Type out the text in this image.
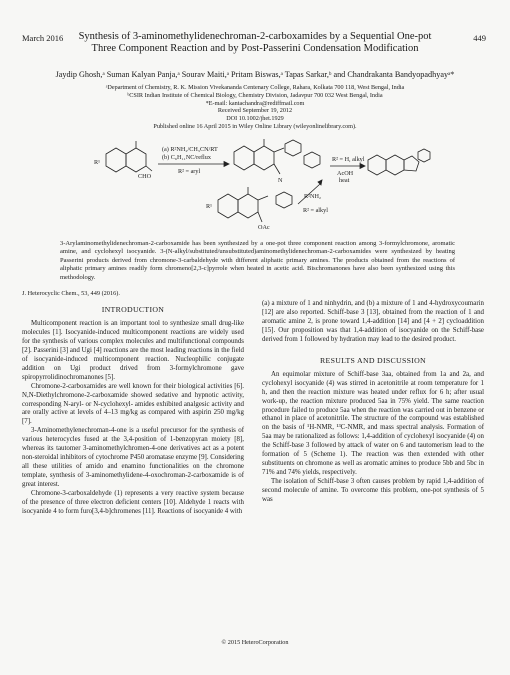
March 2016	449
Synthesis of 3-aminomethylidenechroman-2-carboxamides by a Sequential One-pot Three Component Reaction and by Post-Passerini Condensation Modification
Jaydip Ghosh,ᵃ Suman Kalyan Panja,ᵃ Sourav Maiti,ᵃ Pritam Biswas,ᵃ Tapas Sarkar,ᵇ and Chandrakanta Bandyopadhyayᵃ*
ᵃDepartment of Chemistry, R. K. Mission Vivekananda Centenary College, Rahara, Kolkata 700 118, West Bengal, India
ᵇCSIR Indian Institute of Chemical Biology, Chemistry Division, Jadavpur 700 032 West Bengal, India
*E-mail: kantachandra@rediffmail.com
Received September 19, 2012
DOI 10.1002/jhet.1929
Published online 16 April 2015 in Wiley Online Library (wileyonlinelibrary.com).
R¹
CHO
(a) R²NH₂/CH₃CN/RT
(b) C₆H₁₁NC/reflux
R² = aryl
N
R² = H, alkyl
AcOH
heat
R¹
OAc
R²NH₂
R² = alkyl
3-Arylaminomethylidenechroman-2-carboxamide has been synthesized by a one-pot three component reaction among 3-formylchromone, aromatic amine, and cyclohexyl isocyanide. 3-(N-alkyl/substituted/unsubstituted)aminomethylidenechroman-2-carboxamides were synthesized by heating Passerini products derived from chromone-3-carbaldehyde with different aliphatic primary amines. The products obtained from the reactions of aliphatic primary amines readily form chromeno[2,3-c]pyrrole when heated in acetic acid. Bischromanones have also been synthesized using this methodology.
J. Heterocyclic Chem., 53, 449 (2016).
INTRODUCTION

Multicomponent reaction is an important tool to synthesize small drug-like molecules [1]. Isocyanide-induced multicomponent reactions are widely used for the synthesis of various complex molecules and multifunctional compounds [2]. Passerini [3] and Ugi [4] reactions are the most leading reactions in the field of isocyanide-induced multicomponent reaction. Nucleophilic conjugate addition on Ugi product drived from 3-formylchromone gave spiropyrrolidinochromanones [5].

Chromone-2-carboxamides are well known for their biological activities [6]. N,N-Diethylchromone-2-carboxamide showed sedative and hypnotic activity, corresponding N-aryl- or N-cyclohexyl- amides exhibited analgesic activity and are orally active at levels of 4–13 mg/kg as compared with aspirin 250 mg/kg [7].

3-Aminomethylenechroman-4-one is a useful precursor for the synthesis of various heterocycles fused at the 3,4-position of 1-benzopyran moiety [8], whereas its tautomer 3-aminomethylchromen-4-one derivatives act as a potent non-steroidal inhibitors of cytochrome P450 aromatase enzyme [9]. Considering all these utilities of amido and enamino functionalities on the chromone template, synthesis of 3-aminomethylidene-4-oxochroman-2-carboxamide is of great interest.

Chromone-3-carboxaldehyde (1) represents a very reactive system because of the presence of three electron deficient centers [10]. Aldehyde 1 reacts with isocyanide 4 to form furo[3,4-b]chromenes [11]. Reactions of isocyanide 4 with

(a) a mixture of 1 and ninhydrin, and (b) a mixture of 1 and 4-hydroxycoumarin [12] are also reported. Schiff-base 3 [13], obtained from the reaction of 1 and aromatic amine 2, is prone toward 1,4-addition [14] and [4 + 2] cycloaddition [15]. Our proposition was that 1,4-addition of isocyanide on the Schiff-base derived from 1 followed by hydration may lead to the desired product.

RESULTS AND DISCUSSION

An equimolar mixture of Schiff-base 3aa, obtained from 1a and 2a, and cyclohexyl isocyanide (4) was stirred in acetonitrile at room temperature for 1 h, and then the reaction mixture was heated under reflux for 6 h; after usual work-up, the reaction mixture produced 5aa in 75% yield. The same reaction procedure failed to produce 5aa when the reaction was carried out in benzene or ethanol in place of acetonitrile. The structure of the compound was established on the basis of ¹H-NMR, ¹³C-NMR, and mass spectral analysis. Formation of 5aa may be rationalized as follows: 1,4-addition of cyclohexyl isocyanide (4) on the Schiff-base 3 followed by attack of water on 6 and tautomerism lead to the formation of 5 (Scheme 1). The reaction was then extended with other substituents on chromone as well as aromatic amines to produce 5bb and 5bc in 71% and 74% yields, respectively.

The isolation of Schiff-base 3 often causes problem by rapid 1,4-addition of second molecule of amine. To overcome this problem, one-pot synthesis of 5 was

© 2015 HeteroCorporation
